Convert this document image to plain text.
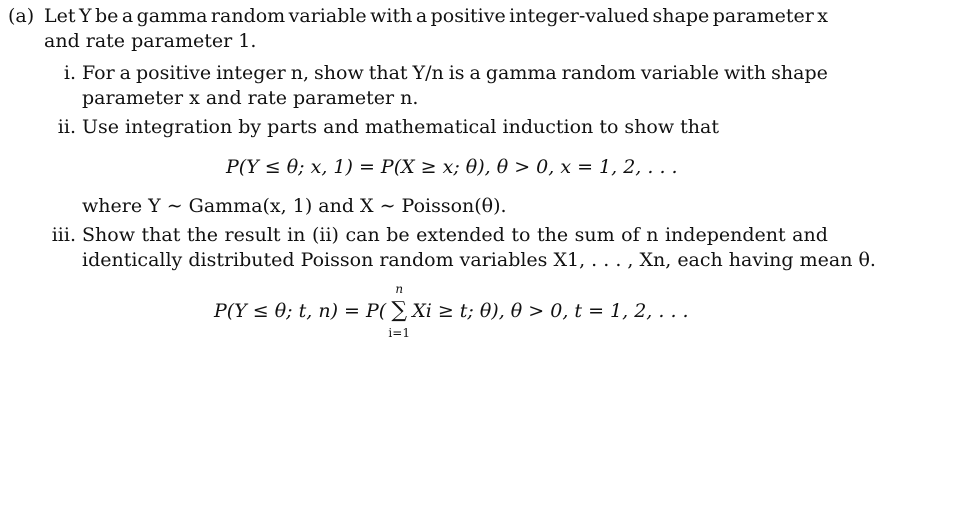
(a) Let Y be a gamma random variable with a positive integer-valued shape parameter x
and rate parameter 1.
i. For a positive integer n, show that Y/n is a gamma random variable with shape
parameter x and rate parameter n.
ii. Use integration by parts and mathematical induction to show that
P(Y ≤ θ; x, 1) = P(X ≥ x; θ), θ > 0, x = 1, 2, . . .
where Y ∼ Gamma(x, 1) and X ∼ Poisson(θ).
iii. Show that the result in (ii) can be extended to the sum of n independent and
identically distributed Poisson random variables X1, . . . , Xn, each having mean θ.
P(Y ≤ θ; t, n) = P(
n
∑
i=1
Xi ≥ t; θ), θ > 0, t = 1, 2, . . .
